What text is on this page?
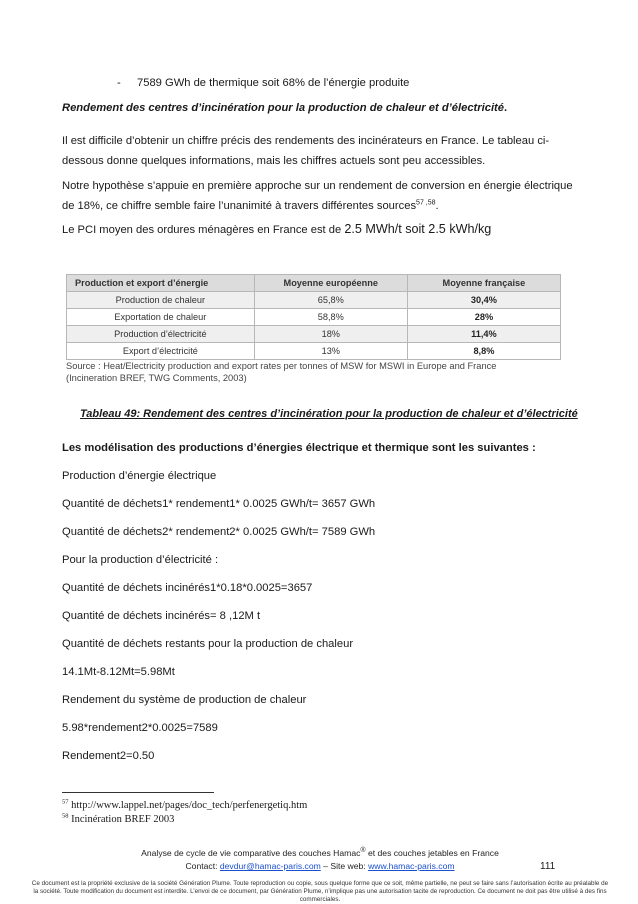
- 7589 GWh de thermique soit 68% de l’énergie produite
Rendement des centres d’incinération pour la production de chaleur et d’électricité.
Il est difficile d’obtenir un chiffre précis des rendements des incinérateurs en France. Le tableau ci-dessous donne quelques informations, mais les chiffres actuels sont peu accessibles.
Notre hypothèse s’appuie en première approche sur un rendement de conversion en énergie électrique de 18%, ce chiffre semble faire l’unanimité à travers différentes sources$^{57 ,58}$.
Le PCI moyen des ordures ménagères en France est de 2.5 MWh/t soit 2.5 kWh/kg
Production et export d’énergie	Moyenne européenne	Moyenne française
Production de chaleur	65,8%	30,4%
Exportation de chaleur	58,8%	28%
Production d’électricité	18%	11,4%
Export d’électricité	13%	8,8%
Source : Heat/Electricity production and export rates per tonnes of MSW for MSWI in Europe and France
(Incineration BREF, TWG Comments, 2003)
Tableau 49: Rendement des centres d’incinération pour la production de chaleur et d’électricité
Les modélisation des productions d’énergies électrique et thermique sont les suivantes :
Production d’énergie électrique
Quantité de déchets1* rendement1* 0.0025 GWh/t= 3657 GWh
Quantité de déchets2* rendement2* 0.0025 GWh/t= 7589 GWh
Pour la production d’électricité :
Quantité de déchets incinérés1*0.18*0.0025=3657
Quantité de déchets incinérés= 8 ,12M t
Quantité de déchets restants pour la production de chaleur
14.1Mt-8.12Mt=5.98Mt
Rendement du système de production de chaleur
5.98*rendement2*0.0025=7589
Rendement2=0.50
$^{57}$ http://www.lappel.net/pages/doc_tech/perfenergetiq.htm
$^{58}$ Incinération BREF 2003
Analyse de cycle de vie comparative des couches Hamac® et des couches jetables en France
Contact: devdur@hamac-paris.com – Site web: www.hamac-paris.com	111
Ce document est la propriété exclusive de la société Génération Plume. Toute reproduction ou copie, sous quelque forme que ce soit, même partielle, ne peut se faire sans l’autorisation écrite au préalable de la société. Toute modification du document est interdite. L’envoi de ce document, par Génération Plume, n’implique pas une autorisation tacite de reproduction. Ce document ne doit pas être utilisé à des fins commerciales.
